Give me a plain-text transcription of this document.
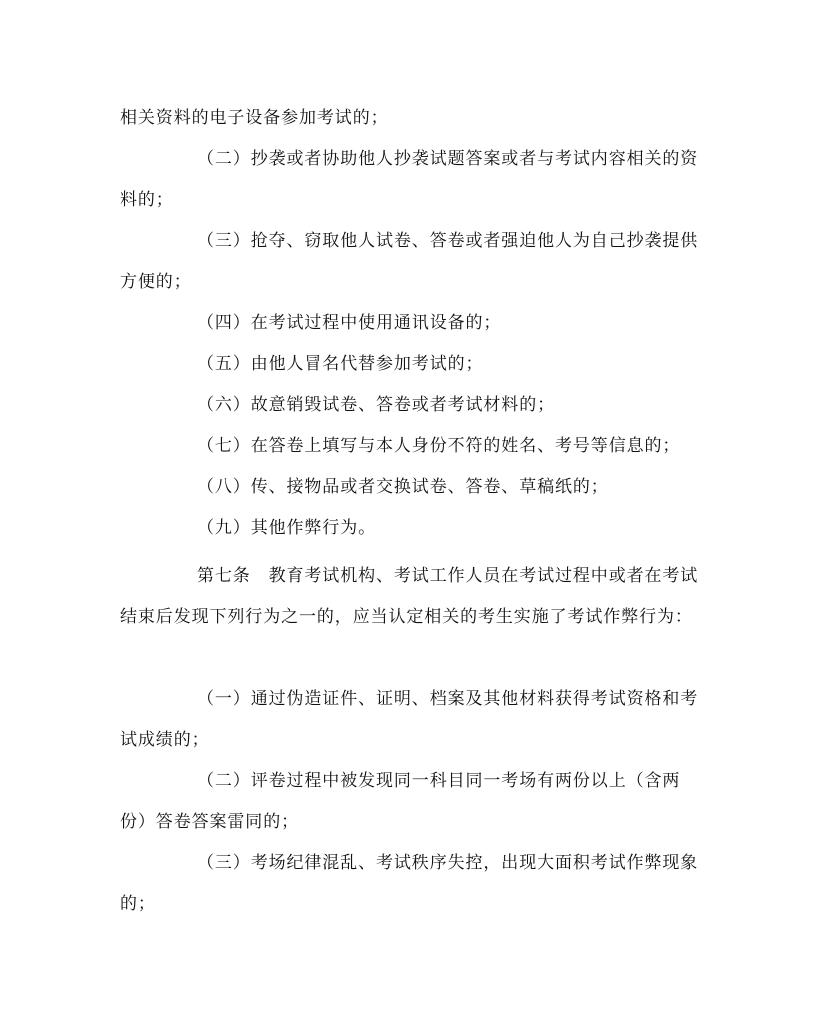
相关资料的电子设备参加考试的；

（二）抄袭或者协助他人抄袭试题答案或者与考试内容相关的资料的；

（三）抢夺、窃取他人试卷、答卷或者强迫他人为自己抄袭提供方便的；

（四）在考试过程中使用通讯设备的；

（五）由他人冒名代替参加考试的；

（六）故意销毁试卷、答卷或者考试材料的；

（七）在答卷上填写与本人身份不符的姓名、考号等信息的；

（八）传、接物品或者交换试卷、答卷、草稿纸的；

（九）其他作弊行为。

第七条　教育考试机构、考试工作人员在考试过程中或者在考试结束后发现下列行为之一的，应当认定相关的考生实施了考试作弊行为：

（一）通过伪造证件、证明、档案及其他材料获得考试资格和考试成绩的；

（二）评卷过程中被发现同一科目同一考场有两份以上（含两份）答卷答案雷同的；

（三）考场纪律混乱、考试秩序失控，出现大面积考试作弊现象的；
